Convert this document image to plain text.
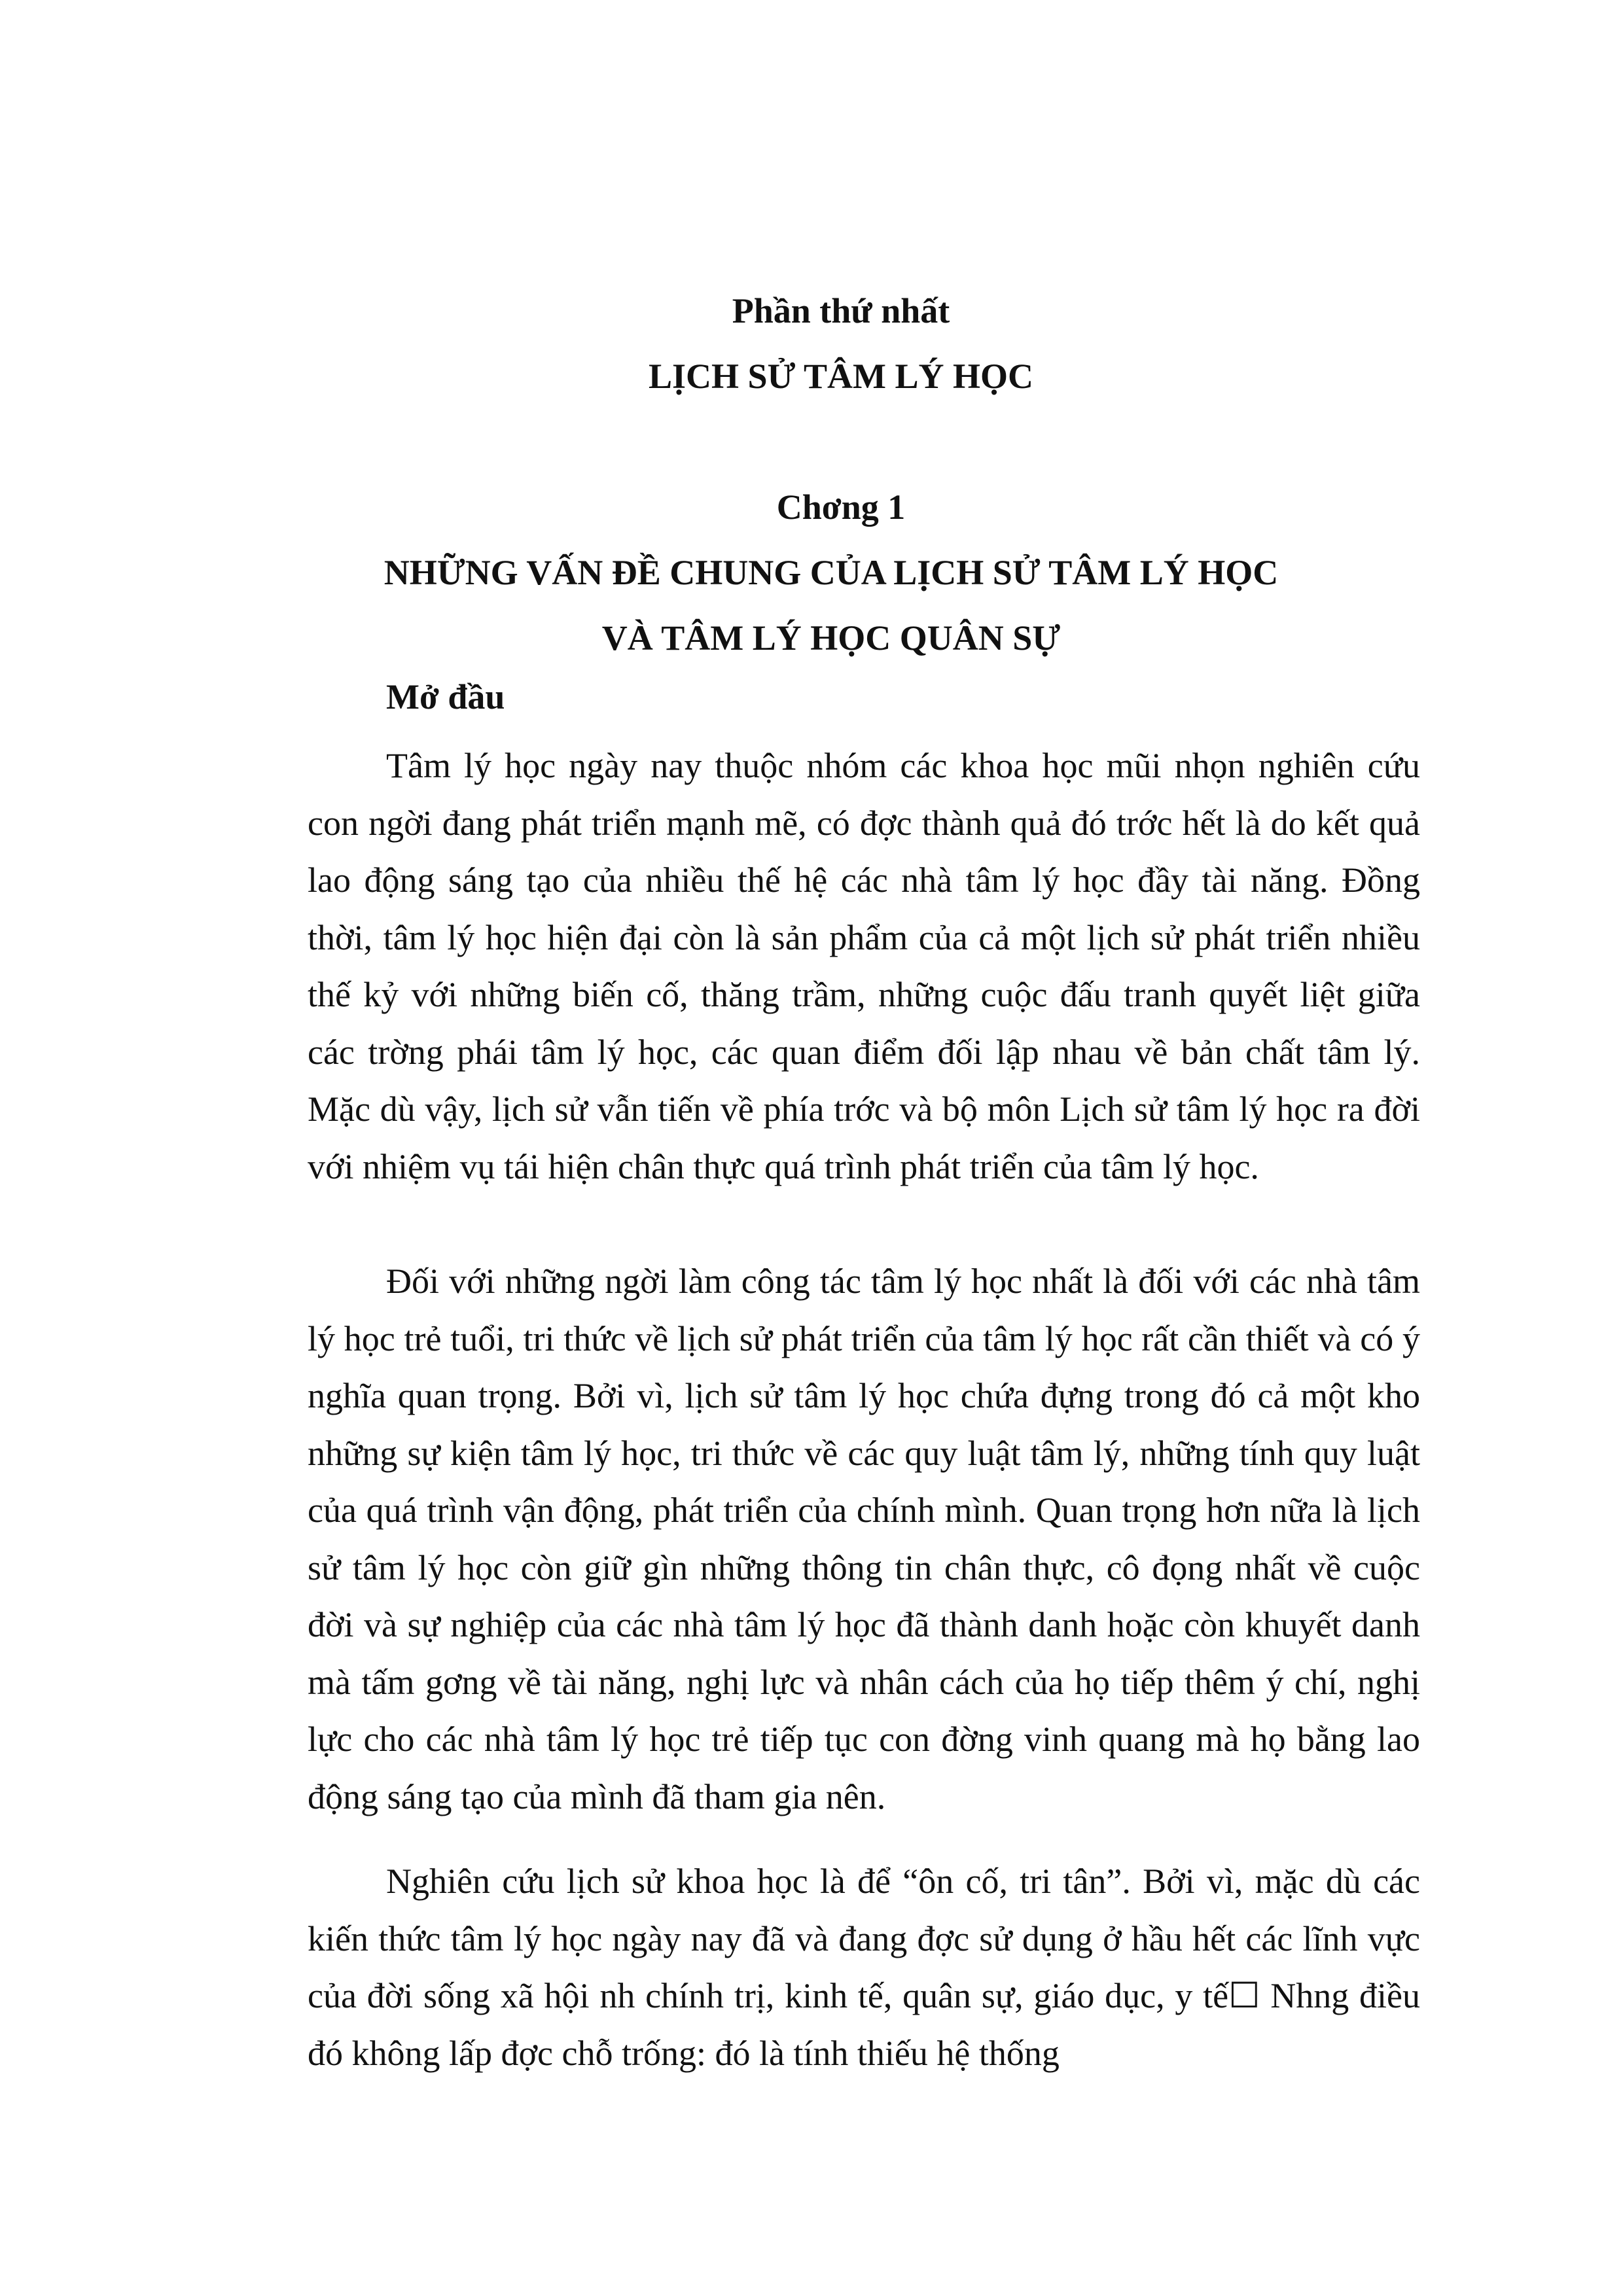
Phần thứ nhất
LỊCH SỬ TÂM LÝ HỌC
Chơng 1
NHỮNG VẤN ĐỀ CHUNG CỦA LỊCH SỬ TÂM LÝ HỌC
VÀ TÂM LÝ HỌC QUÂN SỰ
Mở đầu

Tâm lý học ngày nay thuộc nhóm các khoa học mũi nhọn nghiên cứu con ngời đang phát triển mạnh mẽ, có đợc thành quả đó trớc hết là do kết quả lao động sáng tạo của nhiều thế hệ các nhà tâm lý học đầy tài năng. Đồng thời, tâm lý học hiện đại còn là sản phẩm của cả một lịch sử phát triển nhiều thế kỷ với những biến cố, thăng trầm, những cuộc đấu tranh quyết liệt giữa các trờng phái tâm lý học, các quan điểm đối lập nhau về bản chất tâm lý. Mặc dù vậy, lịch sử vẫn tiến về phía trớc và bộ môn Lịch sử tâm lý học ra đời với nhiệm vụ tái hiện chân thực quá trình phát triển của tâm lý học.

Đối với những ngời làm công tác tâm lý học nhất là đối với các nhà tâm lý học trẻ tuổi, tri thức về lịch sử phát triển của tâm lý học rất cần thiết và có ý nghĩa quan trọng. Bởi vì, lịch sử tâm lý học chứa đựng trong đó cả một kho những sự kiện tâm lý học, tri thức về các quy luật tâm lý, những tính quy luật của quá trình vận động, phát triển của chính mình. Quan trọng hơn nữa là lịch sử tâm lý học còn giữ gìn những thông tin chân thực, cô đọng nhất về cuộc đời và sự nghiệp của các nhà tâm lý học đã thành danh hoặc còn khuyết danh mà tấm gơng về tài năng, nghị lực và nhân cách của họ tiếp thêm ý chí, nghị lực cho các nhà tâm lý học trẻ tiếp tục con đờng vinh quang mà họ bằng lao động sáng tạo của mình đã tham gia nên.

Nghiên cứu lịch sử khoa học là để “ôn cố, tri tân”. Bởi vì, mặc dù các kiến thức tâm lý học ngày nay đã và đang đợc sử dụng ở hầu hết các lĩnh vực của đời sống xã hội nh chính trị, kinh tế, quân sự, giáo dục, y tế☐ Nhng điều đó không lấp đợc chỗ trống: đó là tính thiếu hệ thống
